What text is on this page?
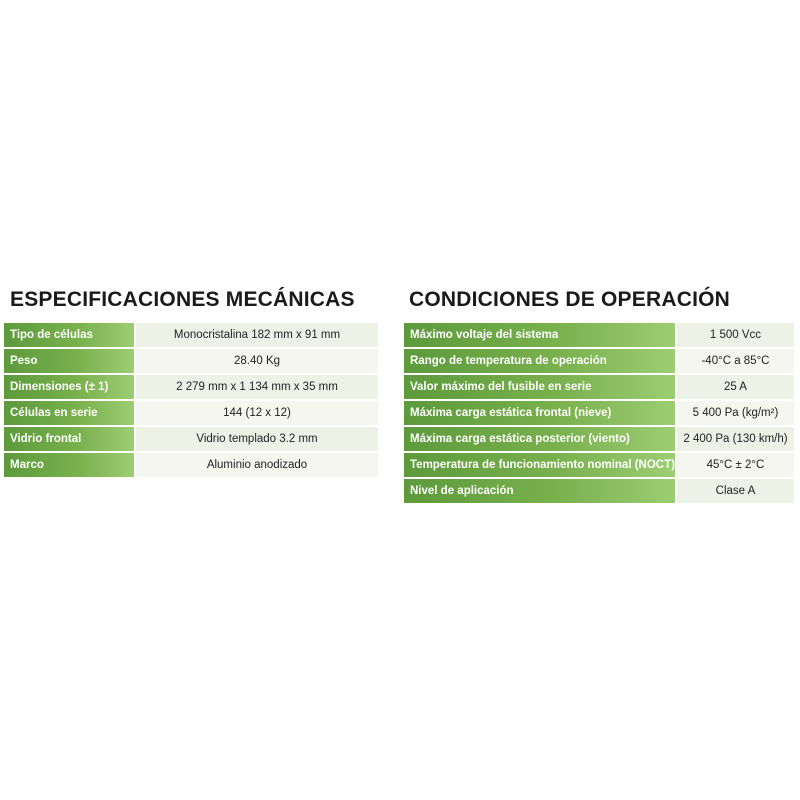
ESPECIFICACIONES MECÁNICAS
Tipo de células	Monocristalina 182 mm x 91 mm
Peso	28.40 Kg
Dimensiones (± 1)	2 279 mm x 1 134 mm x 35 mm
Células en serie	144 (12 x 12)
Vidrio frontal	Vidrio templado 3.2 mm
Marco	Aluminio anodizado
CONDICIONES DE OPERACIÓN
Máximo voltaje del sistema	1 500 Vcc
Rango de temperatura de operación	-40°C a 85°C
Valor máximo del fusible en serie	25 A
Máxima carga estática frontal (nieve)	5 400 Pa (kg/m²)
Máxima carga estática posterior (viento)	2 400 Pa (130 km/h)
Temperatura de funcionamiento nominal (NOCT)	45°C ± 2°C
Nivel de aplicación	Clase A
